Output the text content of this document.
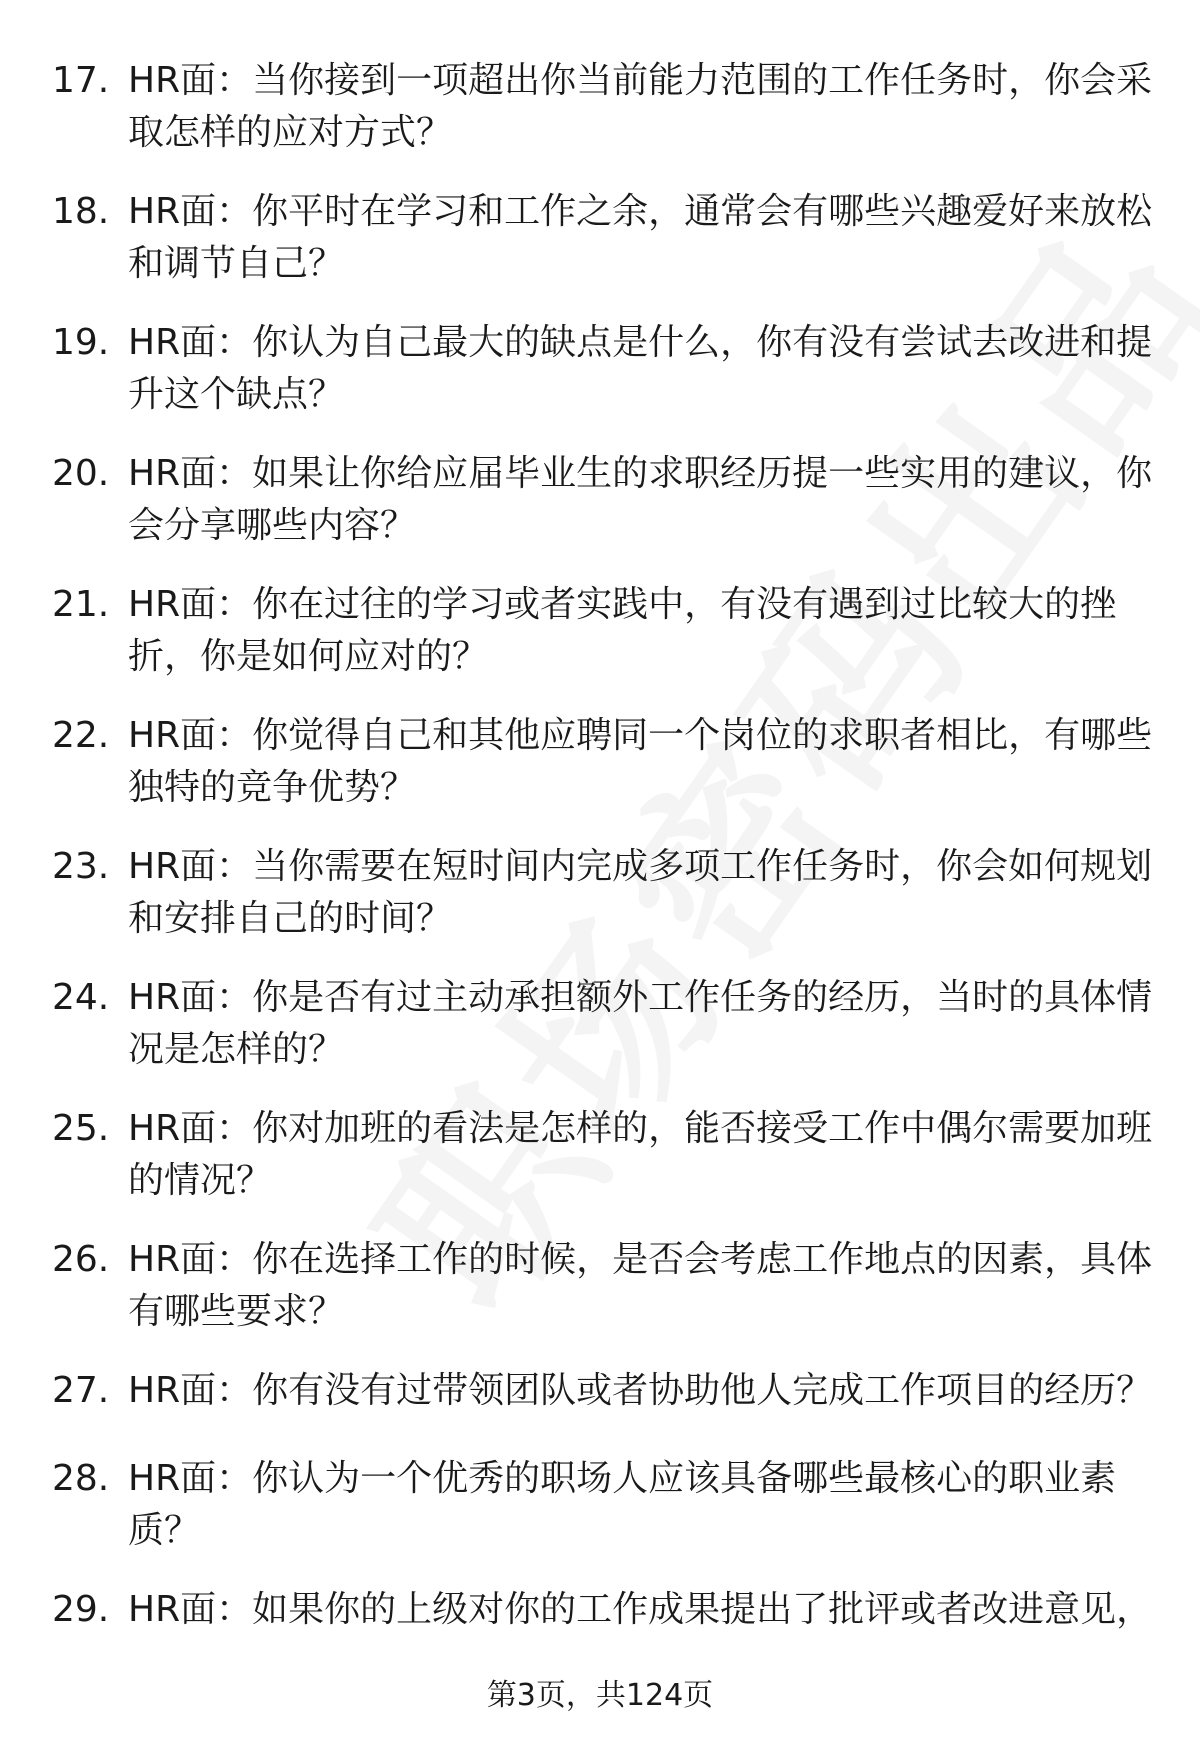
17. HR面：当你接到一项超出你当前能力范围的工作任务时，你会采取怎样的应对方式？
18. HR面：你平时在学习和工作之余，通常会有哪些兴趣爱好来放松和调节自己？
19. HR面：你认为自己最大的缺点是什么，你有没有尝试去改进和提升这个缺点？
20. HR面：如果让你给应届毕业生的求职经历提一些实用的建议，你会分享哪些内容？
21. HR面：你在过往的学习或者实践中，有没有遇到过比较大的挫折，你是如何应对的？
22. HR面：你觉得自己和其他应聘同一个岗位的求职者相比，有哪些独特的竞争优势？
23. HR面：当你需要在短时间内完成多项工作任务时，你会如何规划和安排自己的时间？
24. HR面：你是否有过主动承担额外工作任务的经历，当时的具体情况是怎样的？
25. HR面：你对加班的看法是怎样的，能否接受工作中偶尔需要加班的情况？
26. HR面：你在选择工作的时候，是否会考虑工作地点的因素，具体有哪些要求？
27. HR面：你有没有过带领团队或者协助他人完成工作项目的经历？
28. HR面：你认为一个优秀的职场人应该具备哪些最核心的职业素质？
29. HR面：如果你的上级对你的工作成果提出了批评或者改进意见，
第3页，共124页
